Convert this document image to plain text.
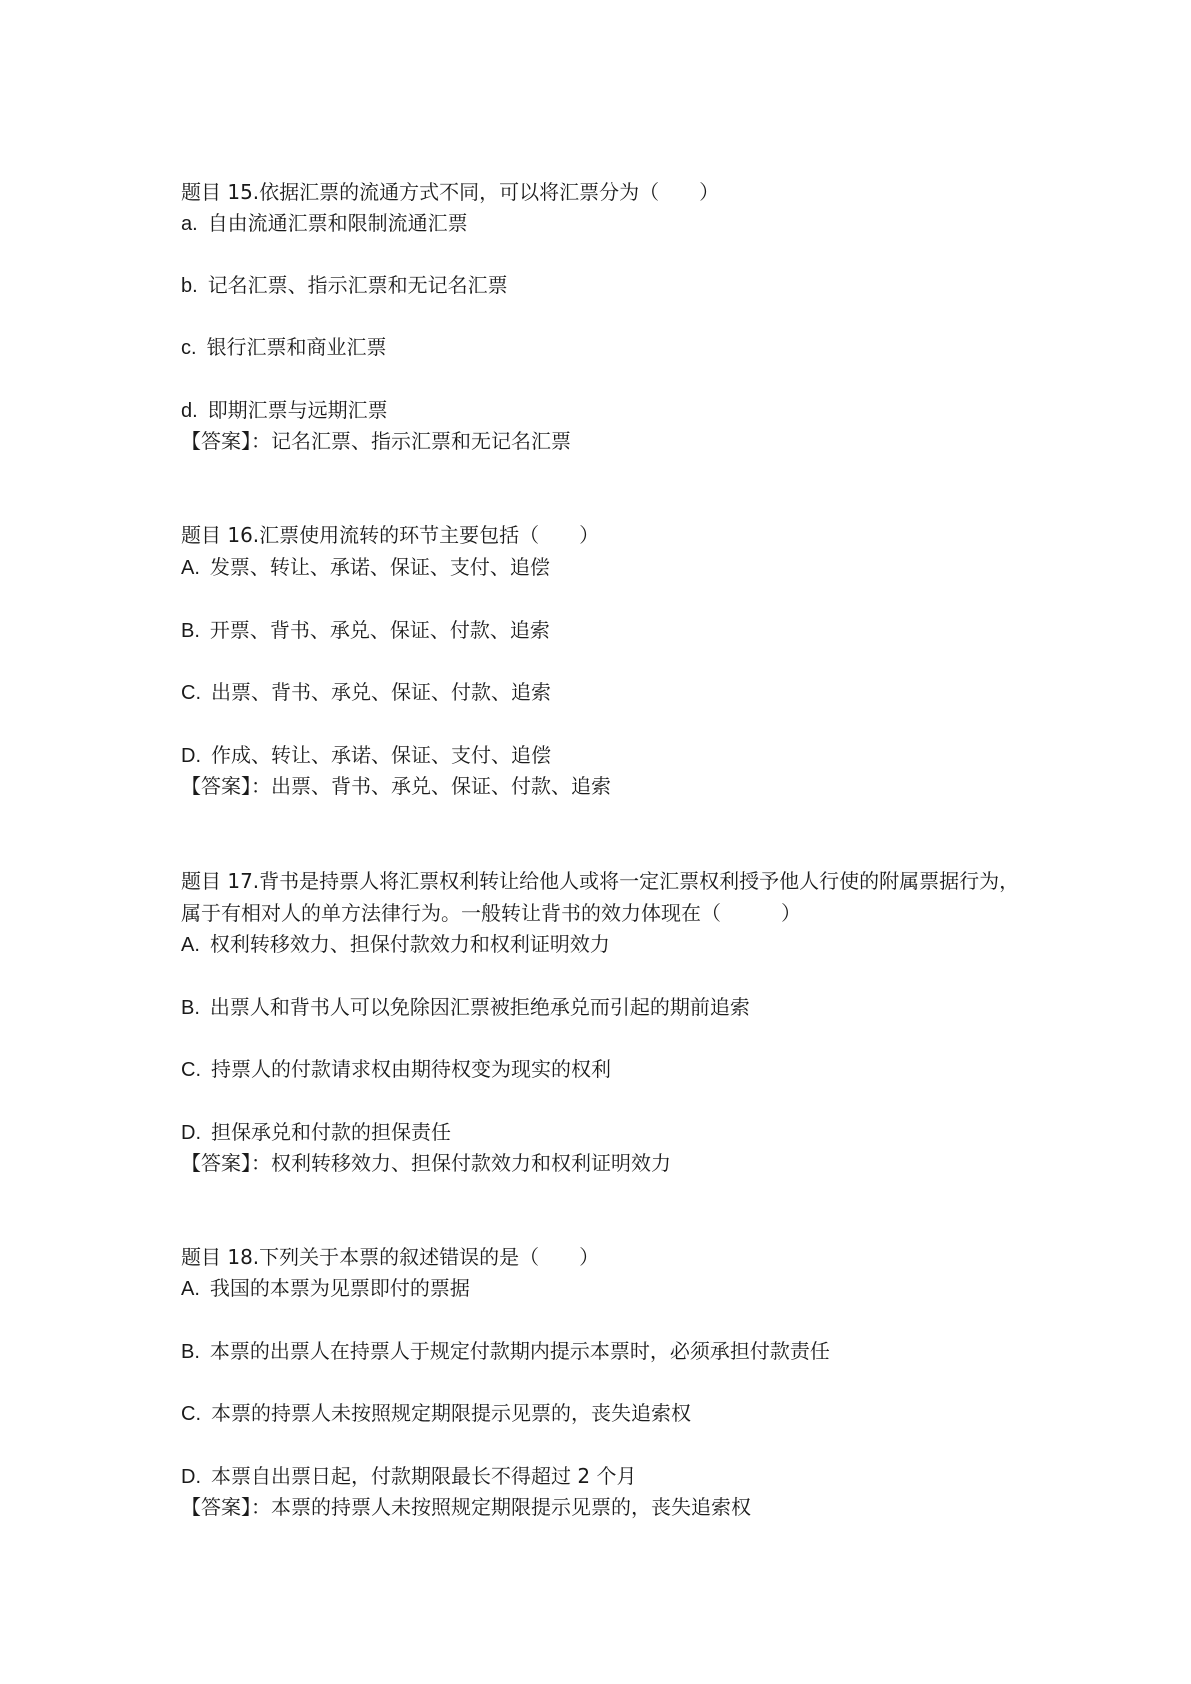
题目 15.依据汇票的流通方式不同，可以将汇票分为（　　）
a. 自由流通汇票和限制流通汇票
b. 记名汇票、指示汇票和无记名汇票
c. 银行汇票和商业汇票
d. 即期汇票与远期汇票
【答案】：记名汇票、指示汇票和无记名汇票
题目 16.汇票使用流转的环节主要包括（　　）
A. 发票、转让、承诺、保证、支付、追偿
B. 开票、背书、承兑、保证、付款、追索
C. 出票、背书、承兑、保证、付款、追索
D. 作成、转让、承诺、保证、支付、追偿
【答案】：出票、背书、承兑、保证、付款、追索
题目 17.背书是持票人将汇票权利转让给他人或将一定汇票权利授予他人行使的附属票据行为，属于有相对人的单方法律行为。一般转让背书的效力体现在（　　　）
A. 权利转移效力、担保付款效力和权利证明效力
B. 出票人和背书人可以免除因汇票被拒绝承兑而引起的期前追索
C. 持票人的付款请求权由期待权变为现实的权利
D. 担保承兑和付款的担保责任
【答案】：权利转移效力、担保付款效力和权利证明效力
题目 18.下列关于本票的叙述错误的是（　　）
A. 我国的本票为见票即付的票据
B. 本票的出票人在持票人于规定付款期内提示本票时，必须承担付款责任
C. 本票的持票人未按照规定期限提示见票的，丧失追索权
D. 本票自出票日起，付款期限最长不得超过 2 个月
【答案】：本票的持票人未按照规定期限提示见票的，丧失追索权
